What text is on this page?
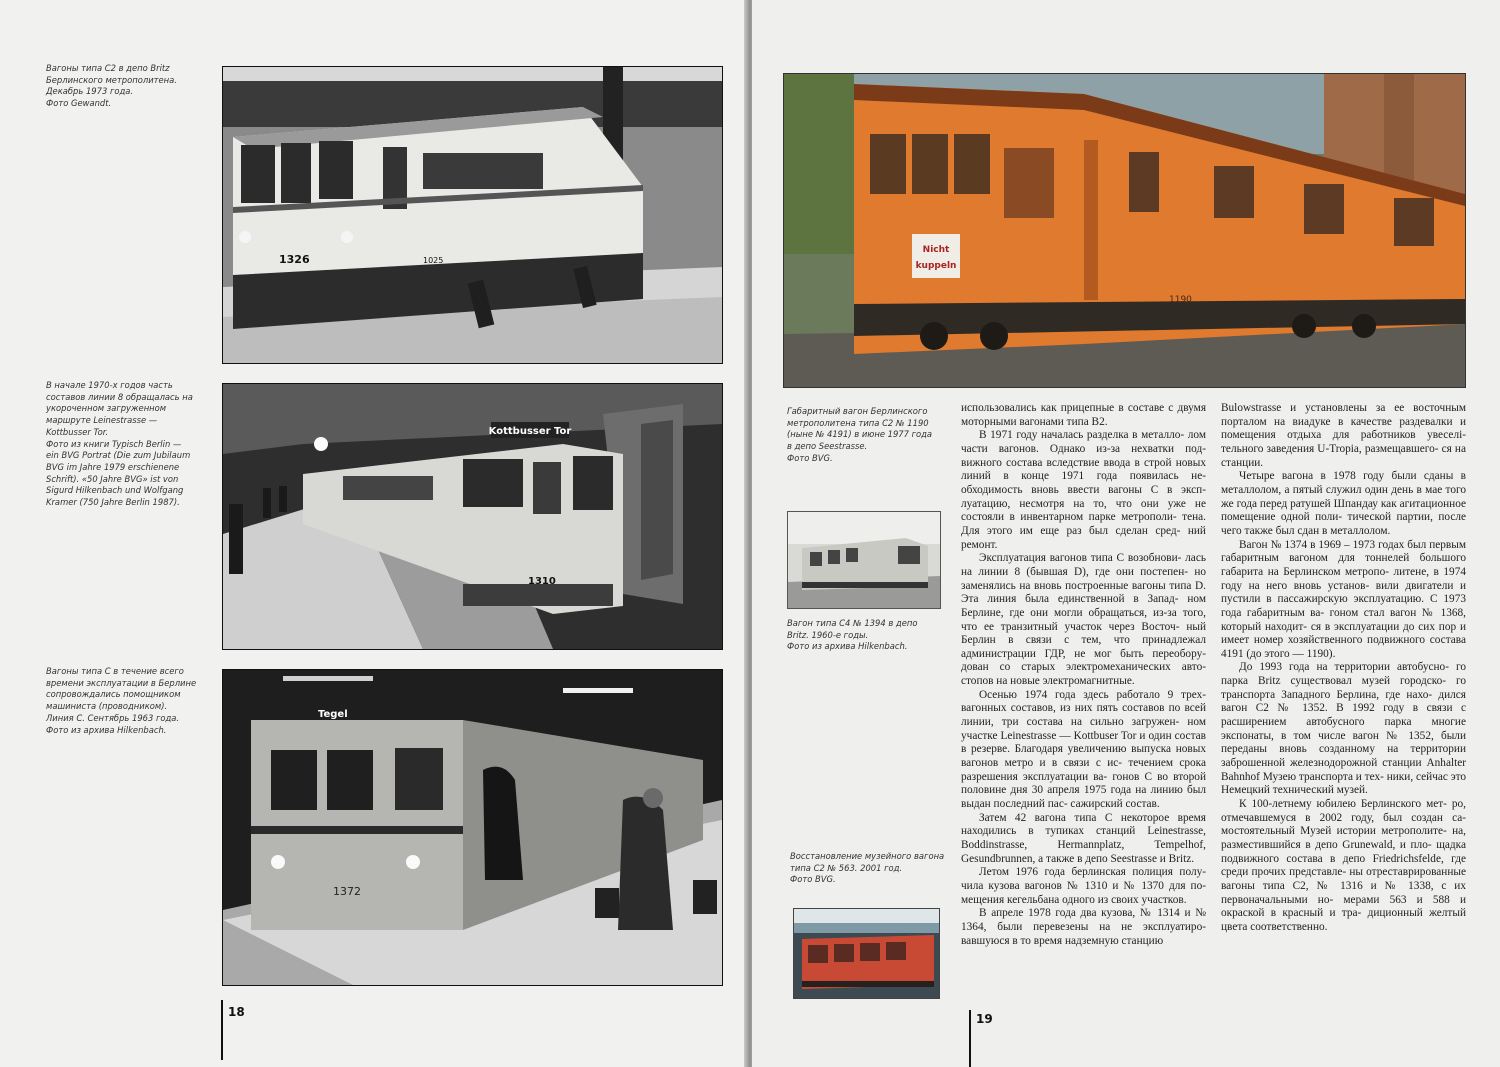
Вагоны типа С2 в депо Britz
Берлинского метрополитена.
Декабрь 1973 года.
Фото Gewandt.
1326	1025
В начале 1970-х годов часть
составов линии 8 обращалась на
укороченном загруженном
маршруте Leinestrasse —
Kottbusser Tor.
Фото из книги Typisch Berlin —
ein BVG Portrat (Die zum Jubilaum
BVG im Jahre 1979 erschienene
Schrift). «50 Jahre BVG» ist von
Sigurd Hilkenbach und Wolfgang
Kramer (750 Jahre Berlin 1987).
Kottbusser Tor
1310
Вагоны типа С в течение всего
времени эксплуатации в Берлине
сопровождались помощником
машиниста (проводником).
Линия С. Сентябрь 1963 года.
Фото из архива Hilkenbach.
Tegel
1372
18
Nicht
kuppeln
1190
Габаритный вагон Берлинского
метрополитена типа С2 № 1190
(ныне № 4191) в июне 1977 года
в депо Seestrasse.
Фото BVG.
Вагон типа С4 № 1394 в депо
Britz. 1960-е годы.
Фото из архива Hilkenbach.
Восстановление музейного вагона
типа С2 № 563. 2001 год.
Фото BVG.

использовались как прицепные в составе с двумя моторными вагонами типа В2.

В 1971 году началась разделка в металло- лом части вагонов. Однако из-за нехватки под- вижного состава вследствие ввода в строй новых линий в конце 1971 года появилась не- обходимость вновь ввести вагоны С в эксп- луатацию, несмотря на то, что они уже не состояли в инвентарном парке метрополи- тена. Для этого им еще раз был сделан сред- ний ремонт.

Эксплуатация вагонов типа С возобнови- лась на линии 8 (бывшая D), где они постепен- но заменялись на вновь построенные вагоны типа D. Эта линия была единственной в Запад- ном Берлине, где они могли обращаться, из-за того, что ее транзитный участок через Восточ- ный Берлин в связи с тем, что принадлежал администрации ГДР, не мог быть переобору- дован со старых электромеханических авто- стопов на новые электромагнитные.

Осенью 1974 года здесь работало 9 трех- вагонных составов, из них пять составов по всей линии, три состава на сильно загружен- ном участке Leinestrasse — Kottbuser Tor и один состав в резерве. Благодаря увеличению выпуска новых вагонов метро и в связи с ис- течением срока разрешения эксплуатации ва- гонов С во второй половине дня 30 апреля 1975 года на линию был выдан последний пас- сажирский состав.

Затем 42 вагона типа С некоторое время находились в тупиках станций Leinestrasse, Boddinstrasse, Hermannplatz, Tempelhof, Gesundbrunnen, а также в депо Seestrasse и Britz.

Летом 1976 года берлинская полиция полу- чила кузова вагонов № 1310 и № 1370 для по- мещения кегельбана одного из своих участков.

В апреле 1978 года два кузова, № 1314 и № 1364, были перевезены на не эксплуатиро- вавшуюся в то время надземную станцию

Bulowstrasse и установлены за ее восточным порталом на виадуке в качестве раздевалки и помещения отдыха для работников увеселі- тельного заведения U-Tropia, размещавшего- ся на станции.

Четыре вагона в 1978 году были сданы в металлолом, а пятый служил один день в мае того же года перед ратушей Шпандау как агитационное помещение одной поли- тической партии, после чего также был сдан в металлолом.

Вагон № 1374 в 1969 – 1973 годах был первым габаритным вагоном для тоннелей большого габарита на Берлинском метропо- литене, в 1974 году на него вновь установ- вили двигатели и пустили в пассажирскую эксплуатацию. С 1973 года габаритным ва- гоном стал вагон № 1368, который находит- ся в эксплуатации до сих пор и имеет номер хозяйственного подвижного состава 4191 (до этого — 1190).

До 1993 года на территории автобусно- го парка Britz существовал музей городско- го транспорта Западного Берлина, где нахо- дился вагон С2 № 1352. В 1992 году в связи с расширением автобусного парка многие экспонаты, в том числе вагон № 1352, были переданы вновь созданному на территории заброшенной железнодорожной станции Anhalter Bahnhof Музею транспорта и тех- ники, сейчас это Немецкий технический музей.

К 100-летнему юбилею Берлинского мет- ро, отмечавшемуся в 2002 году, был создан са- мостоятельный Музей истории метрополите- на, разместившийся в депо Grunewald, и пло- щадка подвижного состава в депо Friedrichsfelde, где среди прочих представле- ны отреставрированные вагоны типа С2, № 1316 и № 1338, с их первоначальными но- мерами 563 и 588 и окраской в красный и тра- диционный желтый цвета соответственно.

19
